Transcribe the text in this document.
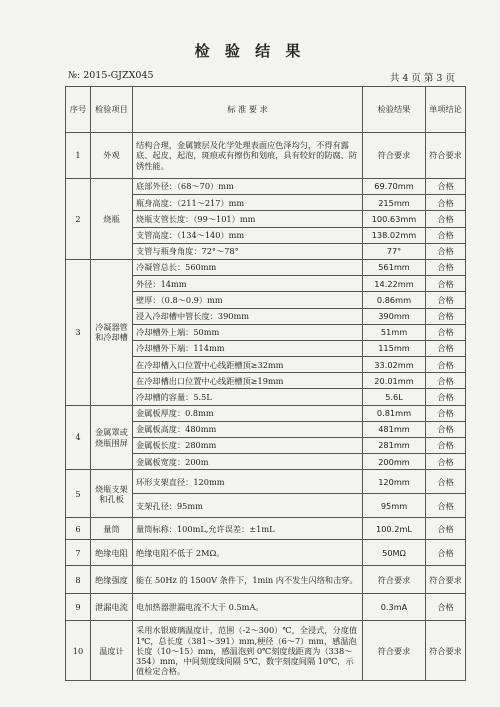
检 验 结 果
№: 2015-GJZX045	共 4 页 第 3 页
序号	检验项目	标 准 要 求	检验结果	单项结论
1	外观	结构合理，金属镀层及化学处理表面应色泽均匀，不得有露底、起皮、起泡，斑痕或有擦伤和划痕，具有较好的防腐、防锈性能。	符合要求	符合要求
2	烧瓶	底部外径：（68～70）mm	69.70mm	合格
		瓶身高度：（211～217）mm	215mm	合格
		烧瓶支管长度：（99～101）mm	100.63mm	合格
		支管高度：（134～140）mm	138.02mm	合格
		支管与瓶身角度：72°～78°	77°	合格
3	冷凝器管和冷却槽	冷凝管总长：560mm	561mm	合格
		外径：14mm	14.22mm	合格
		壁厚：（0.8～0.9）mm	0.86mm	合格
		浸入冷却槽中管长度：390mm	390mm	合格
		冷却槽外上端：50mm	51mm	合格
		冷却槽外下端：114mm	115mm	合格
		在冷却槽入口位置中心线距槽顶≥32mm	33.02mm	合格
		在冷却槽出口位置中心线距槽顶≥19mm	20.01mm	合格
		冷却槽的容量：5.5L	5.6L	合格
4	金属罩或烧瓶围屏	金属板厚度：0.8mm	0.81mm	合格
		金属板高度：480mm	481mm	合格
		金属板长度：280mm	281mm	合格
		金属板宽度：200m	200mm	合格
5	烧瓶支架和孔板	环形支架直径：120mm	120mm	合格
		支架孔径：95mm	95mm	合格
6	量筒	量筒标称：100mL,允许误差：±1mL	100.2mL	合格
7	绝缘电阻	绝缘电阻不低于 2MΩ。	50MΩ	合格
8	绝缘强度	能在 50Hz 的 1500V 条件下，1min 内不发生闪络和击穿。	符合要求	符合要求
9	泄漏电流	电加热器泄漏电流不大于 0.5mA。	0.3mA	合格
10	温度计	采用水银玻璃温度计，范围（-2～300）℃，全浸式，分度值 1℃，总长度（381～391）mm,梗径（6～7）mm，感温泡长度（10～15）mm，感温泡到 0℃刻度线距离为（338～354）mm，中间刻度线间隔 5℃，数字刻度间隔 10℃，示值检定合格。	符合要求	符合要求
